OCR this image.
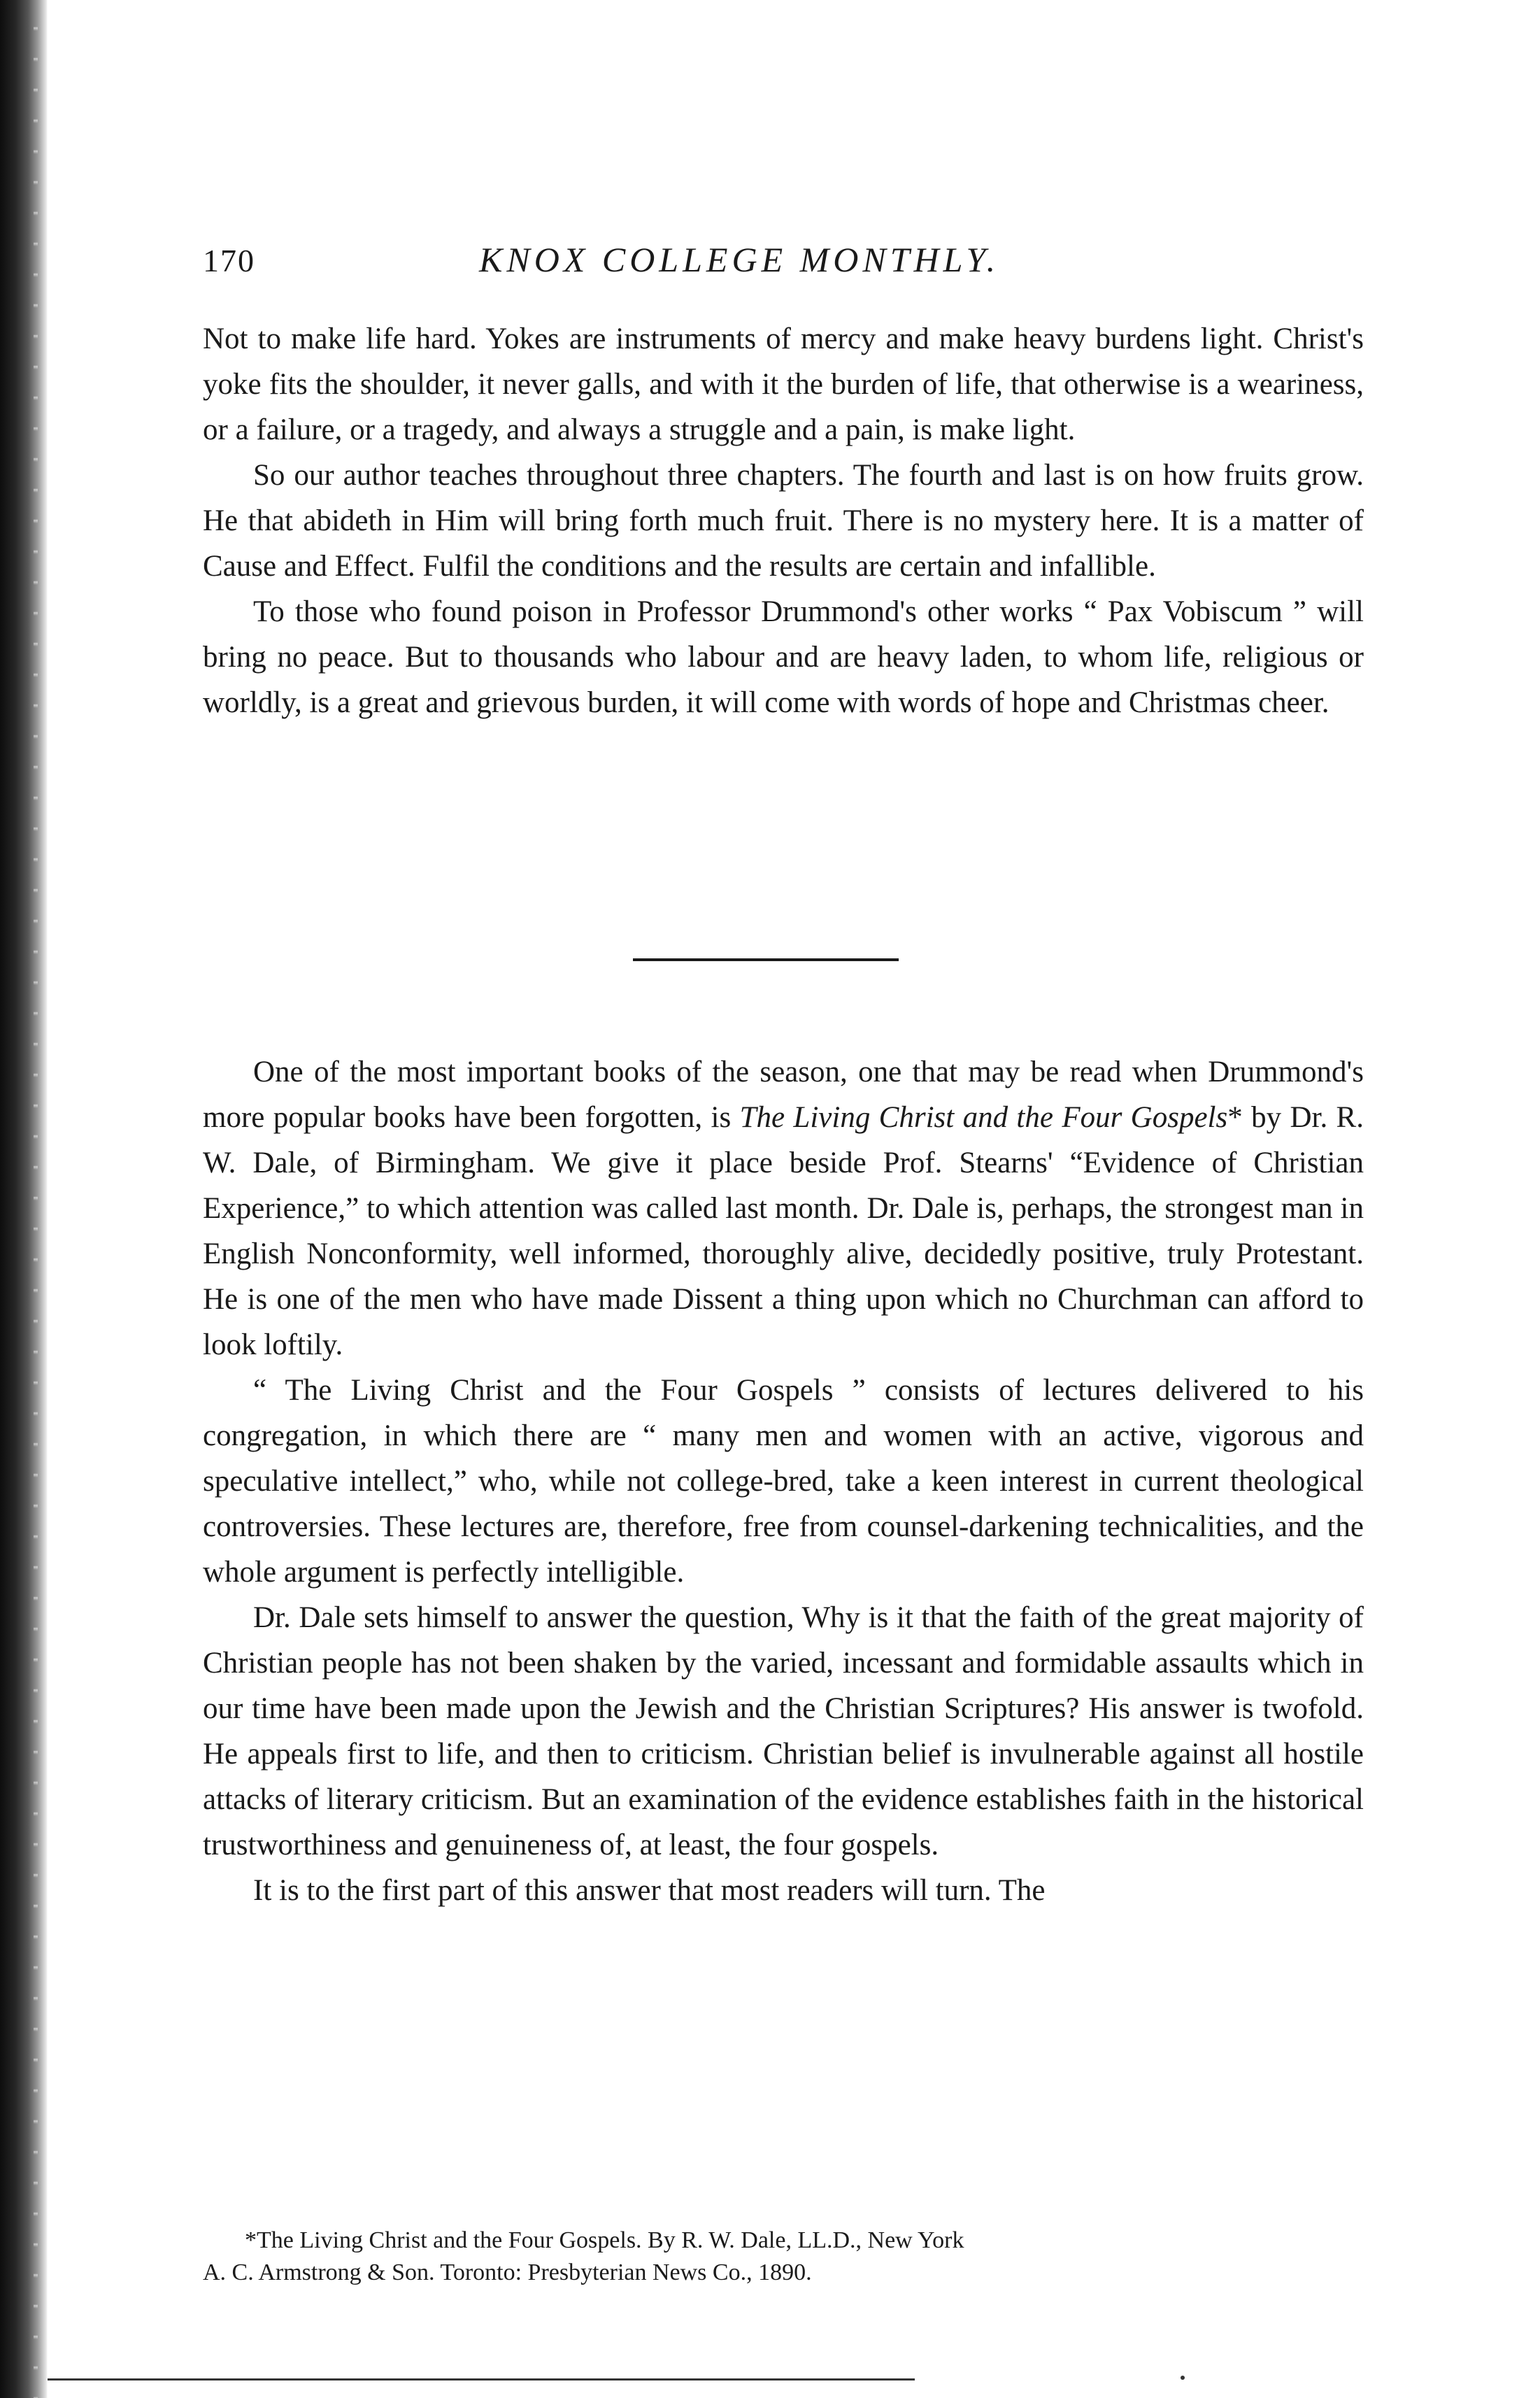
170	KNOX COLLEGE MONTHLY.

Not to make life hard. Yokes are instruments of mercy and make heavy burdens light. Christ's yoke fits the shoulder, it never galls, and with it the burden of life, that otherwise is a weariness, or a failure, or a tragedy, and always a struggle and a pain, is make light.

So our author teaches throughout three chapters. The fourth and last is on how fruits grow. He that abideth in Him will bring forth much fruit. There is no mystery here. It is a matter of Cause and Effect. Fulfil the conditions and the results are certain and infallible.

To those who found poison in Professor Drummond's other works “ Pax Vobiscum ” will bring no peace. But to thousands who labour and are heavy laden, to whom life, religious or worldly, is a great and grievous burden, it will come with words of hope and Christmas cheer.

One of the most important books of the season, one that may be read when Drummond's more popular books have been forgotten, is The Living Christ and the Four Gospels* by Dr. R. W. Dale, of Birmingham. We give it place beside Prof. Stearns' “Evidence of Christian Experience,” to which attention was called last month. Dr. Dale is, perhaps, the strongest man in English Nonconformity, well informed, thoroughly alive, decidedly positive, truly Protestant. He is one of the men who have made Dissent a thing upon which no Churchman can afford to look loftily.

“ The Living Christ and the Four Gospels ” consists of lectures delivered to his congregation, in which there are “ many men and women with an active, vigorous and speculative intellect,” who, while not college-bred, take a keen interest in current theological controversies. These lectures are, therefore, free from counsel-darkening technicalities, and the whole argument is perfectly intelligible.

Dr. Dale sets himself to answer the question, Why is it that the faith of the great majority of Christian people has not been shaken by the varied, incessant and formidable assaults which in our time have been made upon the Jewish and the Christian Scriptures? His answer is twofold. He appeals first to life, and then to criticism. Christian belief is invulnerable against all hostile attacks of literary criticism. But an examination of the evidence establishes faith in the historical trustworthiness and genuineness of, at least, the four gospels.

It is to the first part of this answer that most readers will turn. The

*The Living Christ and the Four Gospels. By R. W. Dale, LL.D., New York

A. C. Armstrong & Son. Toronto: Presbyterian News Co., 1890.
